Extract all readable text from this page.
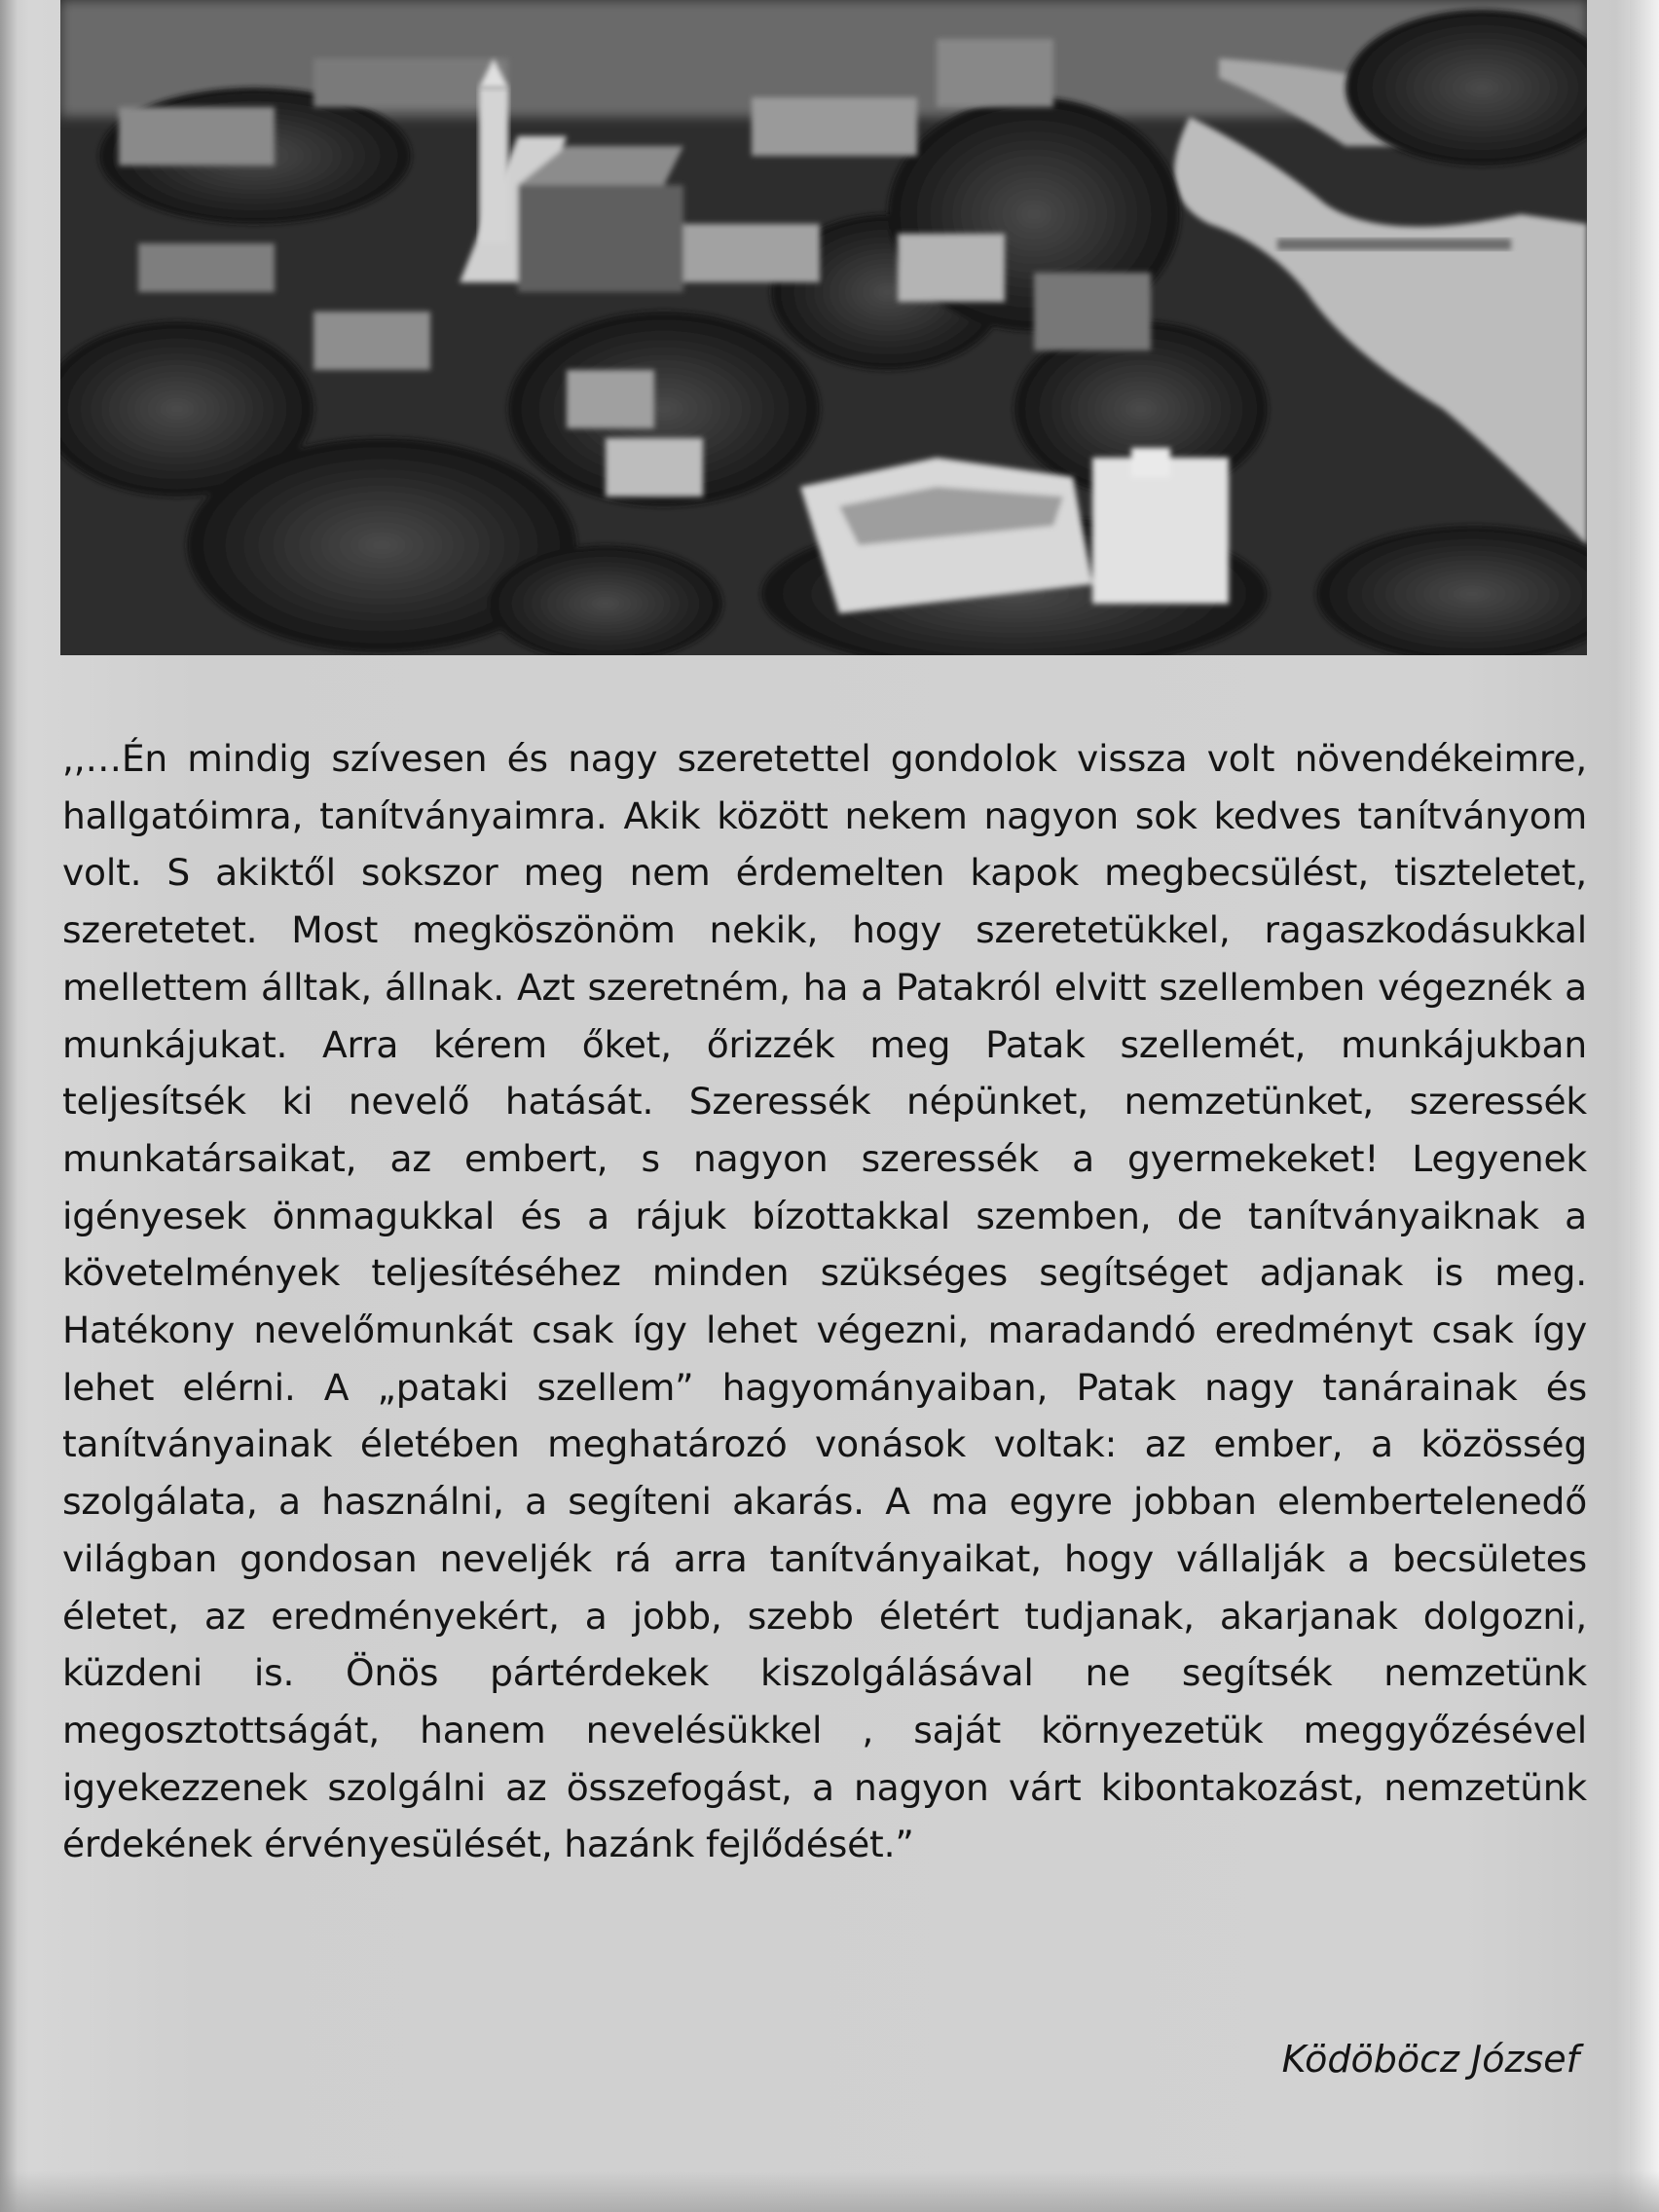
,,…Én mindig szívesen és nagy szeretettel gondolok vissza volt növendékeimre, hallgatóimra, tanítványaimra. Akik között nekem nagyon sok kedves tanítványom volt. S akiktől sokszor meg nem érdemelten kapok megbecsülést, tiszteletet, szeretetet. Most megköszönöm nekik, hogy szeretetükkel, ragaszkodásukkal mellettem álltak, állnak. Azt szeretném, ha a Patakról elvitt szellemben végeznék a munkájukat. Arra kérem őket, őrizzék meg Patak szellemét, munkájukban teljesítsék ki nevelő hatását. Szeressék népünket, nemzetünket, szeressék munkatársaikat, az embert, s nagyon szeressék a gyermekeket! Legyenek igényesek önmagukkal és a rájuk bízottakkal szemben, de tanítványaiknak a követelmények teljesítéséhez minden szükséges segítséget adjanak is meg. Hatékony nevelőmunkát csak így lehet végezni, maradandó eredményt csak így lehet elérni. A „pataki szellem” hagyományaiban, Patak nagy tanárainak és tanítványainak életében meghatározó vonások voltak: az ember, a közösség szolgálata, a használni, a segíteni akarás. A ma egyre jobban elembertelenedő világban gondosan neveljék rá arra tanítványaikat, hogy vállalják a becsületes életet, az eredményekért, a jobb, szebb életért tudjanak, akarjanak dolgozni, küzdeni is. Önös pártérdekek kiszolgálásával ne segítsék nemzetünk megosztottságát, hanem nevelésükkel , saját környezetük meggyőzésével igyekezzenek szolgálni az összefogást, a nagyon várt kibontakozást, nemzetünk érdekének érvényesülését, hazánk fejlődését.”

Ködöböcz József
